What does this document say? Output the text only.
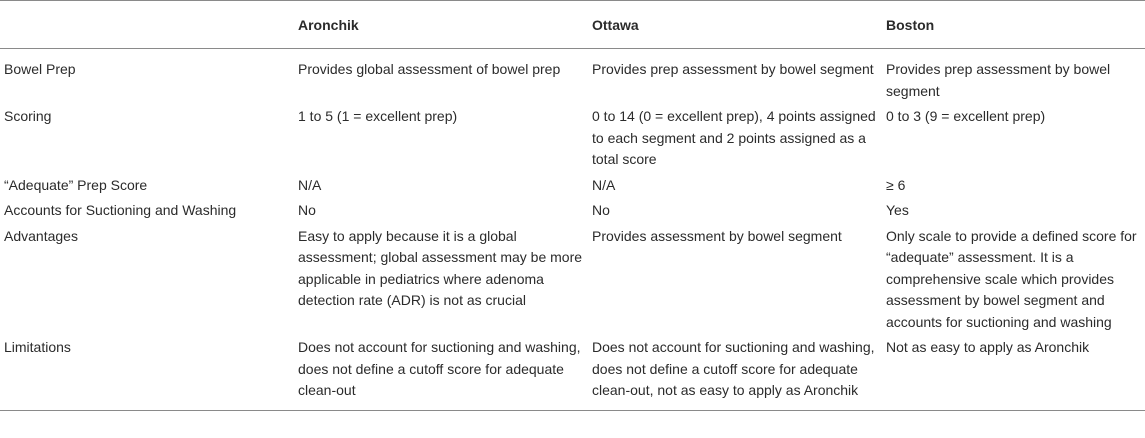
	Aronchik	Ottawa	Boston
Bowel Prep	Provides global assessment of bowel prep	Provides prep assessment by bowel segment	Provides prep assessment by bowel segment
Scoring	1 to 5 (1 = excellent prep)	0 to 14 (0 = excellent prep), 4 points assigned to each segment and 2 points assigned as a total score	0 to 3 (9 = excellent prep)
“Adequate” Prep Score	N/A	N/A	≥ 6
Accounts for Suctioning and Washing	No	No	Yes
Advantages	Easy to apply because it is a global assessment; global assessment may be more applicable in pediatrics where adenoma detection rate (ADR) is not as crucial	Provides assessment by bowel segment	Only scale to provide a defined score for “adequate” assessment. It is a comprehensive scale which provides assessment by bowel segment and accounts for suctioning and washing
Limitations	Does not account for suctioning and washing, does not define a cutoff score for adequate clean-out	Does not account for suctioning and washing, does not define a cutoff score for adequate clean-out, not as easy to apply as Aronchik	Not as easy to apply as Aronchik
